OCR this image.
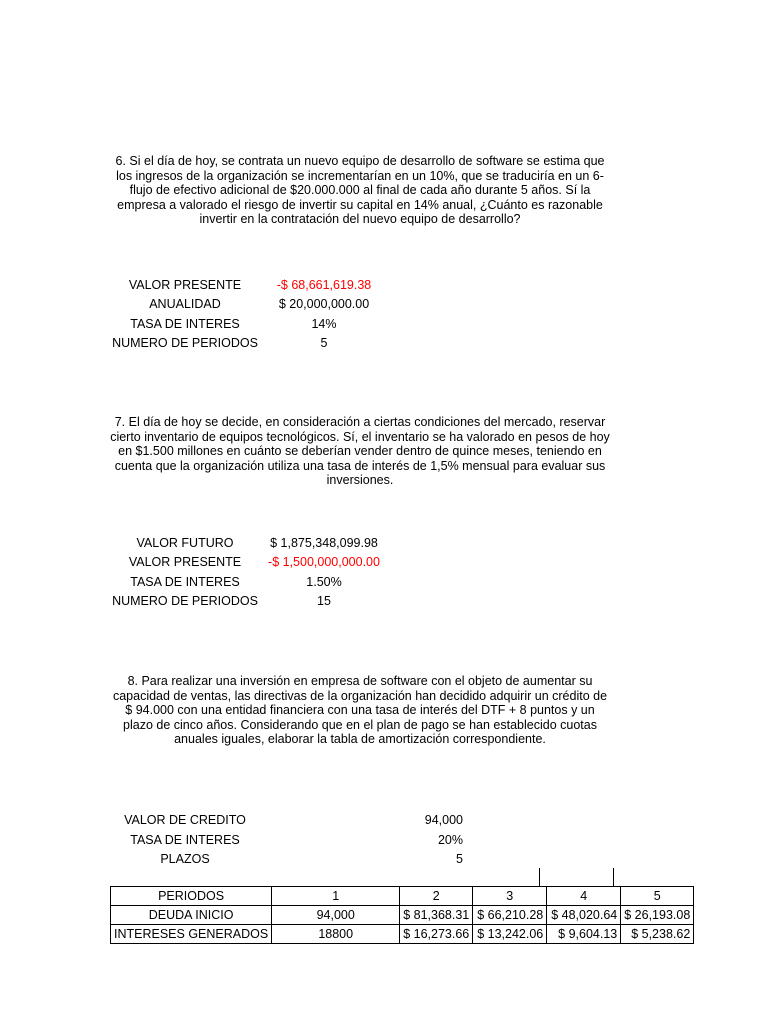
6. Si el día de hoy, se contrata un nuevo equipo de desarrollo de software se estima que los ingresos de la organización se incrementarían en un 10%, que se traduciría en un 6-flujo de efectivo adicional de $20.000.000 al final de cada año durante 5 años. Sí la empresa a valorado el riesgo de invertir su capital en 14% anual, ¿Cuánto es razonable invertir en la contratación del nuevo equipo de desarrollo?
VALOR PRESENTE	-$ 68,661,619.38
ANUALIDAD	$ 20,000,000.00
TASA DE INTERES	14%
NUMERO DE PERIODOS	5
7. El día de hoy se decide, en consideración a ciertas condiciones del mercado, reservar cierto inventario de equipos tecnológicos. Sí, el inventario se ha valorado en pesos de hoy en $1.500 millones en cuánto se deberían vender dentro de quince meses, teniendo en cuenta que la organización utiliza una tasa de interés de 1,5% mensual para evaluar sus inversiones.
VALOR FUTURO	$ 1,875,348,099.98
VALOR PRESENTE	-$ 1,500,000,000.00
TASA DE INTERES	1.50%
NUMERO DE PERIODOS	15
8. Para realizar una inversión en empresa de software con el objeto de aumentar su capacidad de ventas, las directivas de la organización han decidido adquirir un crédito de $ 94.000 con una entidad financiera con una tasa de interés del DTF + 8 puntos y un plazo de cinco años. Considerando que en el plan de pago se han establecido cuotas anuales iguales, elaborar la tabla de amortización correspondiente.
VALOR DE CREDITO	94,000
TASA DE INTERES	20%
PLAZOS	5
PERIODOS	1	2	3	4	5
DEUDA INICIO	94,000	$ 81,368.31	$ 66,210.28	$ 48,020.64	$ 26,193.08
INTERESES GENERADOS	18800	$ 16,273.66	$ 13,242.06	$ 9,604.13	$ 5,238.62
